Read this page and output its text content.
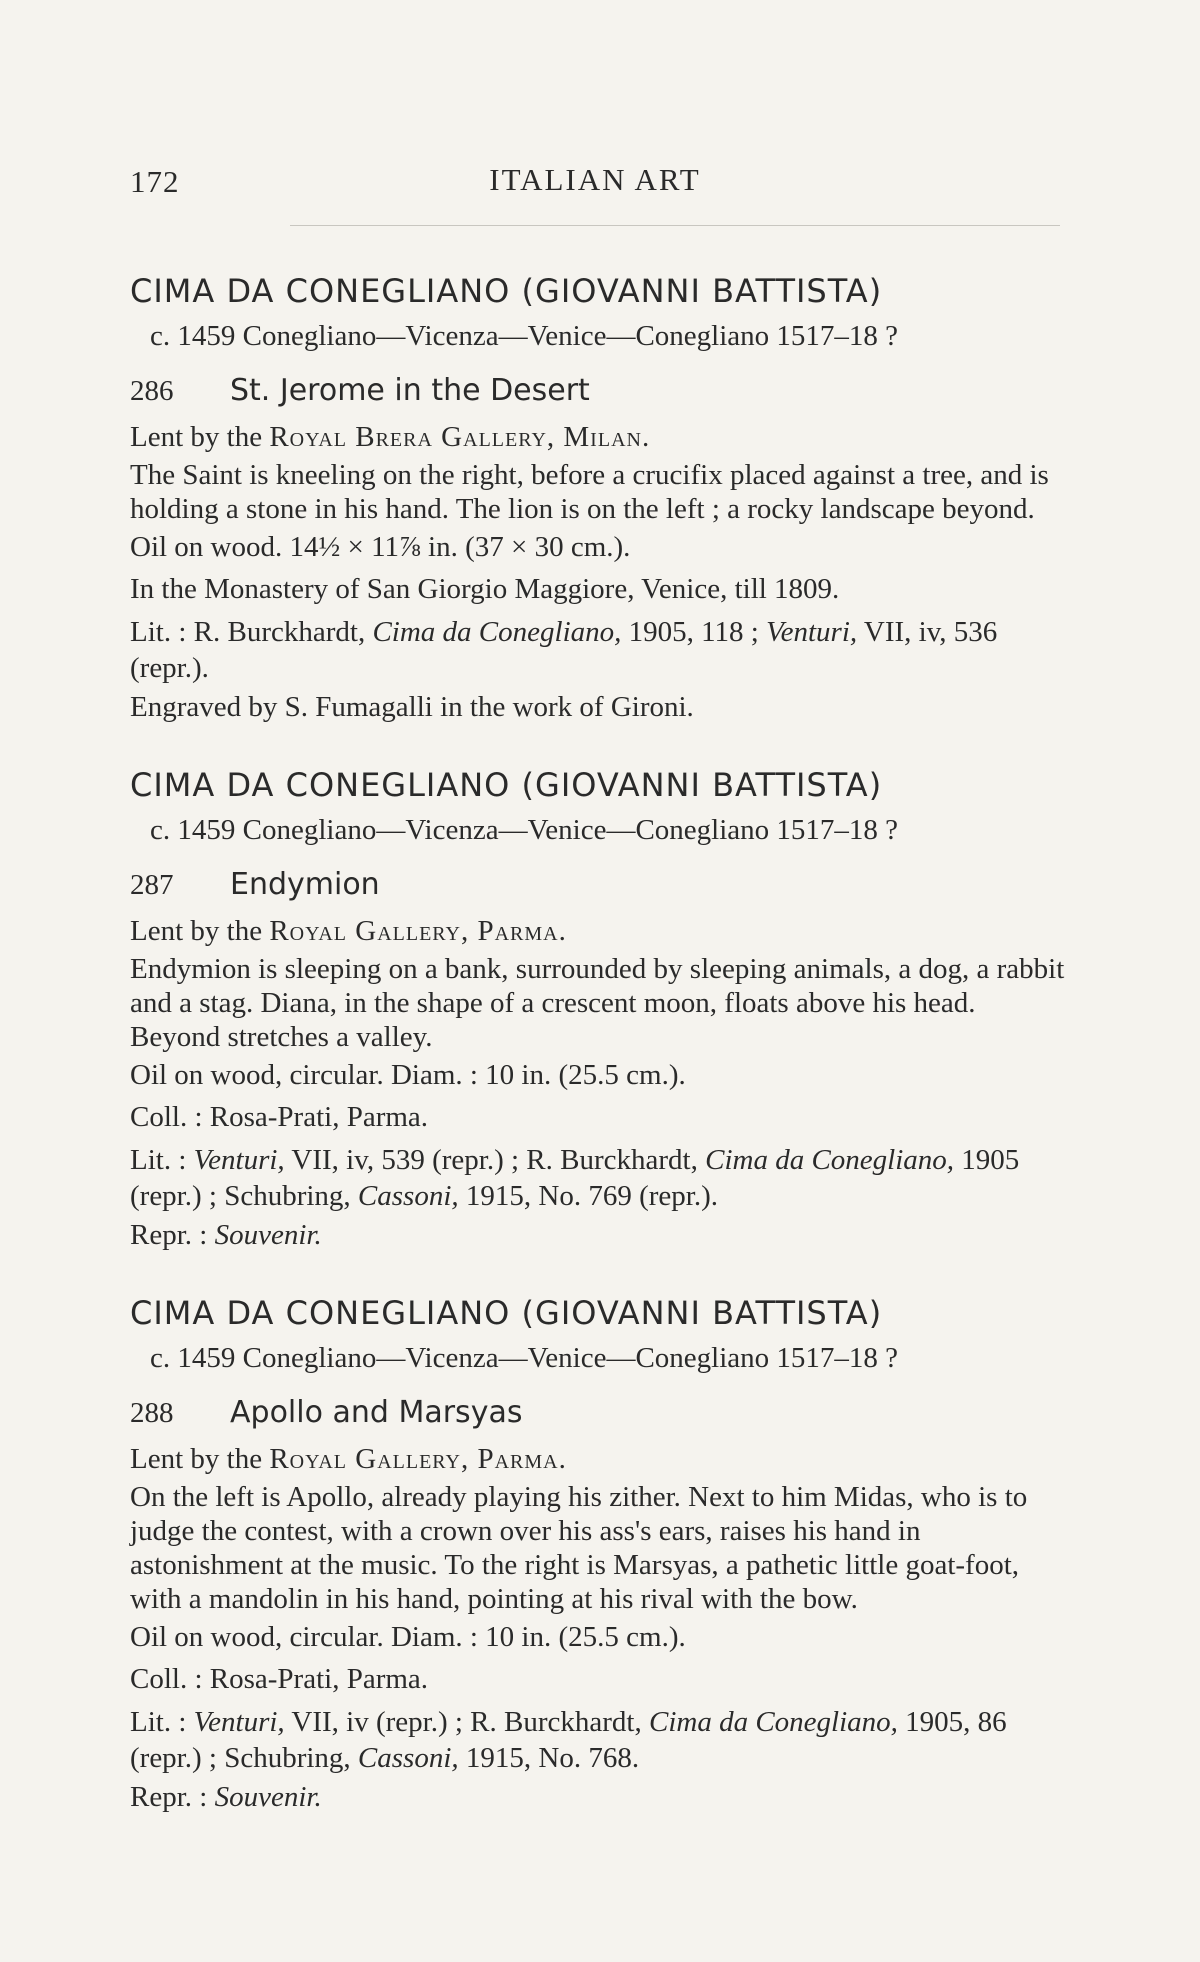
172	ITALIAN ART
CIMA DA CONEGLIANO (GIOVANNI BATTISTA)
c. 1459 Conegliano—Vicenza—Venice—Conegliano 1517–18 ?
286 St. Jerome in the Desert
Lent by the Royal Brera Gallery, Milan.
The Saint is kneeling on the right, before a crucifix placed against a tree, and is holding a stone in his hand. The lion is on the left ; a rocky landscape beyond.
Oil on wood. 14½ × 11⅞ in. (37 × 30 cm.).
In the Monastery of San Giorgio Maggiore, Venice, till 1809.
Lit. : R. Burckhardt, Cima da Conegliano, 1905, 118 ; Venturi, VII, iv, 536 (repr.).
Engraved by S. Fumagalli in the work of Gironi.
CIMA DA CONEGLIANO (GIOVANNI BATTISTA)
c. 1459 Conegliano—Vicenza—Venice—Conegliano 1517–18 ?
287 Endymion
Lent by the Royal Gallery, Parma.
Endymion is sleeping on a bank, surrounded by sleeping animals, a dog, a rabbit and a stag. Diana, in the shape of a crescent moon, floats above his head. Beyond stretches a valley.
Oil on wood, circular. Diam. : 10 in. (25.5 cm.).
Coll. : Rosa-Prati, Parma.
Lit. : Venturi, VII, iv, 539 (repr.) ; R. Burckhardt, Cima da Conegliano, 1905 (repr.) ; Schubring, Cassoni, 1915, No. 769 (repr.).
Repr. : Souvenir.
CIMA DA CONEGLIANO (GIOVANNI BATTISTA)
c. 1459 Conegliano—Vicenza—Venice—Conegliano 1517–18 ?
288 Apollo and Marsyas
Lent by the Royal Gallery, Parma.
On the left is Apollo, already playing his zither. Next to him Midas, who is to judge the contest, with a crown over his ass's ears, raises his hand in astonishment at the music. To the right is Marsyas, a pathetic little goat-foot, with a mandolin in his hand, pointing at his rival with the bow.
Oil on wood, circular. Diam. : 10 in. (25.5 cm.).
Coll. : Rosa-Prati, Parma.
Lit. : Venturi, VII, iv (repr.) ; R. Burckhardt, Cima da Conegliano, 1905, 86 (repr.) ; Schubring, Cassoni, 1915, No. 768.
Repr. : Souvenir.
